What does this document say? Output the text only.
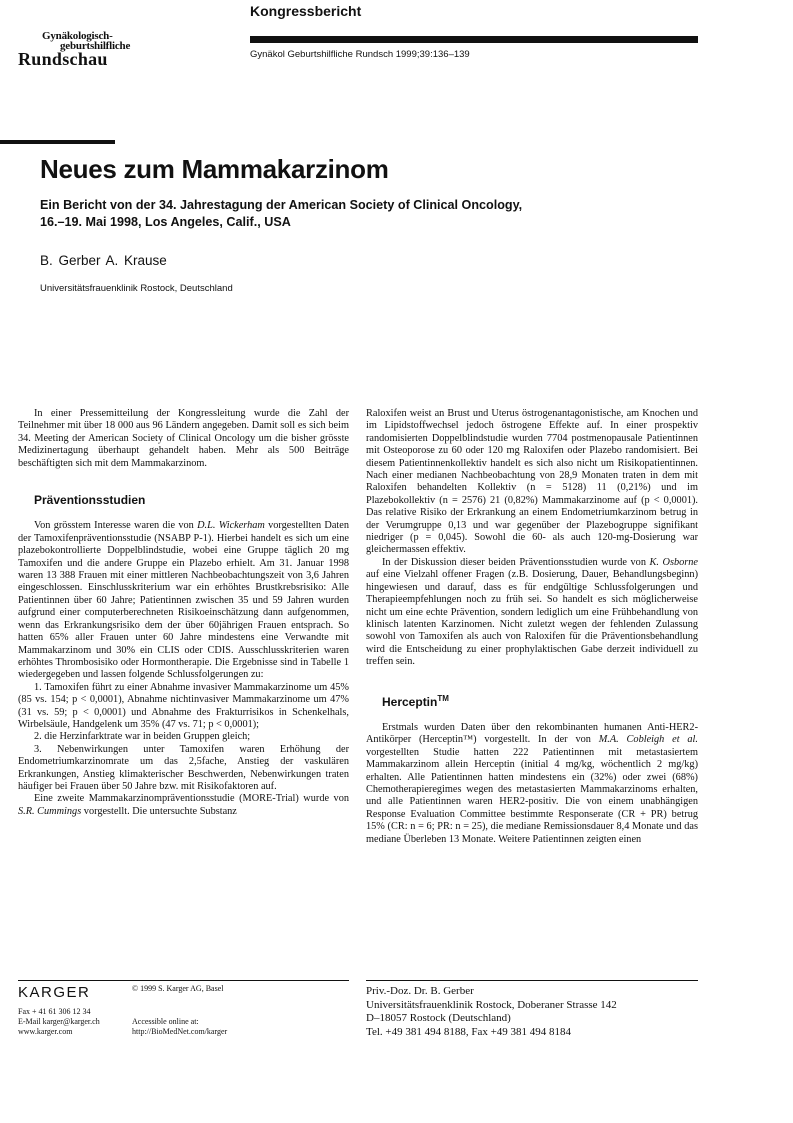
Gynäkologisch-
geburtshilfliche
Rundschau
Kongressbericht
Gynäkol Geburtshilfliche Rundsch 1999;39:136–139
Neues zum Mammakarzinom
Ein Bericht von der 34. Jahrestagung der American Society of Clinical Oncology,
16.–19. Mai 1998, Los Angeles, Calif., USA
B. Gerber A. Krause
Universitätsfrauenklinik Rostock, Deutschland

In einer Pressemitteilung der Kongressleitung wurde die Zahl der Teilnehmer mit über 18 000 aus 96 Ländern angegeben. Damit soll es sich beim 34. Meeting der American Society of Clinical Oncology um die bisher grösste Medizinertagung überhaupt gehandelt haben. Mehr als 500 Beiträge beschäftigten sich mit dem Mammakarzinom.

Präventionsstudien

Von grösstem Interesse waren die von D.L. Wickerham vorgestellten Daten der Tamoxifenpräventionsstudie (NSABP P-1). Hierbei handelt es sich um eine plazebokontrollierte Doppelblindstudie, wobei eine Gruppe täglich 20 mg Tamoxifen und die andere Gruppe ein Plazebo erhielt. Am 31. Januar 1998 waren 13 388 Frauen mit einer mittleren Nachbeobachtungszeit von 3,6 Jahren eingeschlossen. Einschlusskriterium war ein erhöhtes Brustkrebsrisiko: Alle Patientinnen über 60 Jahre; Patientinnen zwischen 35 und 59 Jahren wurden aufgrund einer computerberechneten Risikoeinschätzung dann aufgenommen, wenn das Erkrankungsrisiko dem der über 60jährigen Frauen entsprach. So hatten 65% aller Frauen unter 60 Jahre mindestens eine Verwandte mit Mammakarzinom und 30% ein CLIS oder CDIS. Ausschlusskriterien waren erhöhtes Thrombosisiko oder Hormontherapie. Die Ergebnisse sind in Tabelle 1 wiedergegeben und lassen folgende Schlussfolgerungen zu:

1. Tamoxifen führt zu einer Abnahme invasiver Mammakarzinome um 45% (85 vs. 154; p < 0,0001), Abnahme nichtinvasiver Mammakarzinome um 47% (31 vs. 59; p < 0,0001) und Abnahme des Frakturrisikos in Schenkelhals, Wirbelsäule, Handgelenk um 35% (47 vs. 71; p < 0,0001);

2. die Herzinfarktrate war in beiden Gruppen gleich;

3. Nebenwirkungen unter Tamoxifen waren Erhöhung der Endometriumkarzinomrate um das 2,5fache, Anstieg der vaskulären Erkrankungen, Anstieg klimakterischer Beschwerden, Nebenwirkungen traten häufiger bei Frauen über 50 Jahre bzw. mit Risikofaktoren auf.

Eine zweite Mammakarzinompräventionsstudie (MORE-Trial) wurde von S.R. Cummings vorgestellt. Die untersuchte Substanz

Raloxifen weist an Brust und Uterus östrogenantagonistische, am Knochen und im Lipidstoffwechsel jedoch östrogene Effekte auf. In einer prospektiv randomisierten Doppelblindstudie wurden 7704 postmenopausale Patientinnen mit Osteoporose zu 60 oder 120 mg Raloxifen oder Plazebo randomisiert. Bei diesem Patientinnenkollektiv handelt es sich also nicht um Risikopatientinnen. Nach einer medianen Nachbeobachtung von 28,9 Monaten traten in dem mit Raloxifen behandelten Kollektiv (n = 5128) 11 (0,21%) und im Plazebokollektiv (n = 2576) 21 (0,82%) Mammakarzinome auf (p < 0,0001). Das relative Risiko der Erkrankung an einem Endometriumkarzinom betrug in der Verumgruppe 0,13 und war gegenüber der Plazebogruppe signifikant niedriger (p = 0,045). Sowohl die 60- als auch 120-mg-Dosierung war gleichermassen effektiv.

In der Diskussion dieser beiden Präventionsstudien wurde von K. Osborne auf eine Vielzahl offener Fragen (z.B. Dosierung, Dauer, Behandlungsbeginn) hingewiesen und darauf, dass es für endgültige Schlussfolgerungen und Therapieempfehlungen noch zu früh sei. So handelt es sich möglicherweise nicht um eine echte Prävention, sondern lediglich um eine Frühbehandlung von klinisch latenten Karzinomen. Nicht zuletzt wegen der fehlenden Zulassung sowohl von Tamoxifen als auch von Raloxifen für die Präventionsbehandlung wird die Entscheidung zu einer prophylaktischen Gabe derzeit individuell zu treffen sein.

Herceptin™

Erstmals wurden Daten über den rekombinanten humanen Anti-HER2-Antikörper (Herceptin™) vorgestellt. In der von M.A. Cobleigh et al. vorgestellten Studie hatten 222 Patientinnen mit metastasiertem Mammakarzinom allein Herceptin (initial 4 mg/kg, wöchentlich 2 mg/kg) erhalten. Alle Patientinnen hatten mindestens ein (32%) oder zwei (68%) Chemotherapieregimes wegen des metastasierten Mammakarzinoms erhalten, und alle Patientinnen waren HER2-positiv. Die von einem unabhängigen Response Evaluation Committee bestimmte Responserate (CR + PR) betrug 15% (CR: n = 6; PR: n = 25), die mediane Remissionsdauer 8,4 Monate und das mediane Überleben 13 Monate. Weitere Patientinnen zeigten einen

KARGER	© 1999 S. Karger AG, Basel
Fax + 41 61 306 12 34
E-Mail karger@karger.ch
www.karger.com
Accessible online at:
http://BioMedNet.com/karger
Priv.-Doz. Dr. B. Gerber
Universitätsfrauenklinik Rostock, Doberaner Strasse 142
D–18057 Rostock (Deutschland)
Tel. +49 381 494 8188, Fax +49 381 494 8184
